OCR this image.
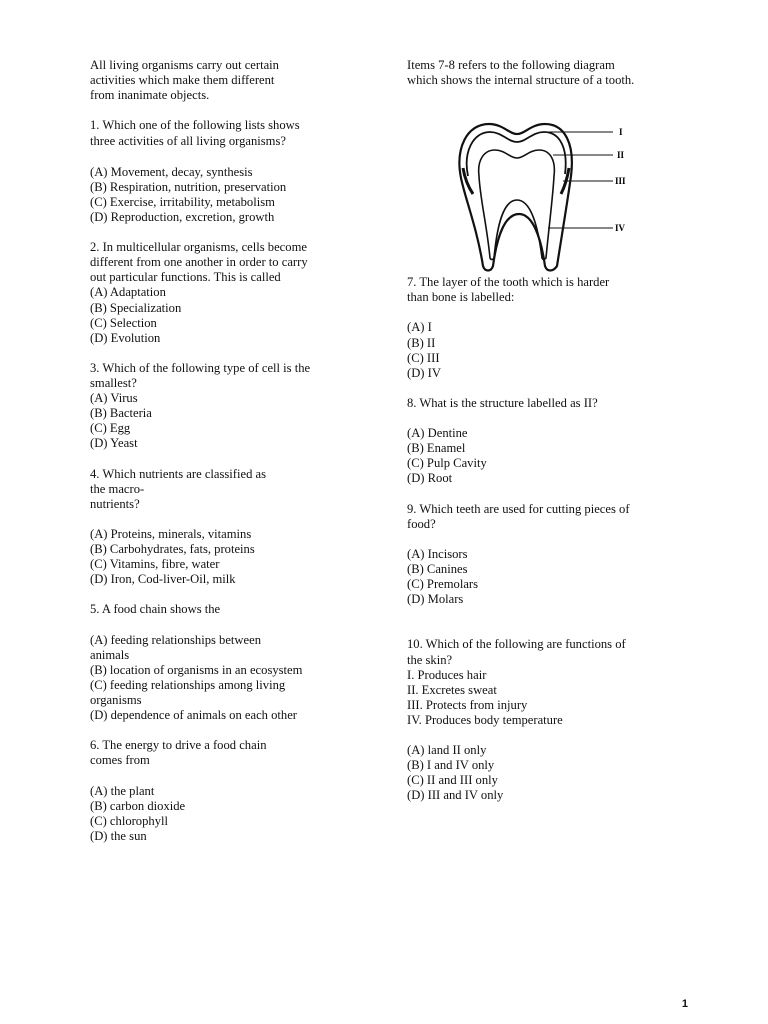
All living organisms carry out certain
activities which make them different
from inanimate objects.
1. Which one of the following lists shows
three activities of all living organisms?
(A) Movement, decay, synthesis
(B) Respiration, nutrition, preservation
(C) Exercise, irritability, metabolism
(D) Reproduction, excretion, growth
2. In multicellular organisms, cells become
different from one another in order to carry
out particular functions. This is called
(A) Adaptation
(B) Specialization
(C) Selection
(D) Evolution
3. Which of the following type of cell is the
smallest?
(A) Virus
(B) Bacteria
(C) Egg
(D) Yeast
4. Which nutrients are classified as
the macro-
nutrients?
(A) Proteins, minerals, vitamins
(B) Carbohydrates, fats, proteins
(C) Vitamins, fibre, water
(D) Iron, Cod-liver-Oil, milk
5. A food chain shows the
(A) feeding relationships between
animals
(B) location of organisms in an ecosystem
(C) feeding relationships among living
organisms
(D) dependence of animals on each other
6. The energy to drive a food chain
comes from
(A) the plant
(B) carbon dioxide
(C) chlorophyll
(D) the sun
Items 7-8 refers to the following diagram
which shows the internal structure of a tooth.
7. The layer of the tooth which is harder
than bone is labelled:
(A) I
(B) II
(C) III
(D) IV
8. What is the structure labelled as II?
(A) Dentine
(B) Enamel
(C) Pulp Cavity
(D) Root
9. Which teeth are used for cutting pieces of
food?
(A) Incisors
(B) Canines
(C) Premolars
(D) Molars
10. Which of the following are functions of
the skin?
I. Produces hair
II. Excretes sweat
III. Protects from injury
IV. Produces body temperature
(A) land II only
(B) I and IV only
(C) II and III only
(D) III and IV only
I
II
III
IV
1
